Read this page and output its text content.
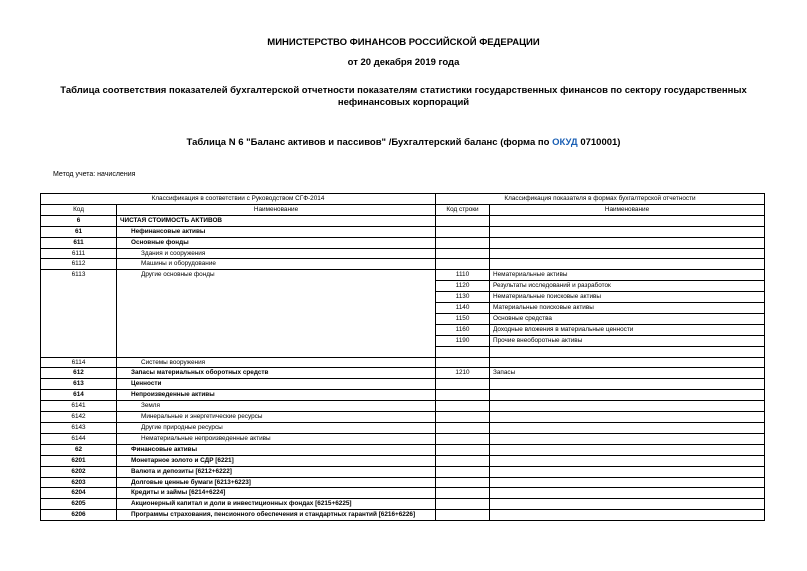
МИНИСТЕРСТВО ФИНАНСОВ РОССИЙСКОЙ ФЕДЕРАЦИИ
от 20 декабря 2019 года
Таблица соответствия показателей бухгалтерской отчетности показателям статистики государственных финансов по сектору государственных нефинансовых корпораций
Таблица N 6 "Баланс активов и пассивов" /Бухгалтерский баланс (форма по ОКУД 0710001)
Метод учета: начисления
Классификация в соответствии с Руководством СГФ-2014		Классификация показателя в формах бухгалтерской отчетности	
Код	Наименование	Код строки	Наименование
6	ЧИСТАЯ СТОИМОСТЬ АКТИВОВ		
61	Нефинансовые активы		
611	Основные фонды		
6111	Здания и сооружения		
6112	Машины и оборудование		
6113	Другие основные фонды	1110	Нематериальные активы
		1120	Результаты исследований и разработок
		1130	Нематериальные поисковые активы
		1140	Материальные поисковые активы
		1150	Основные средства
		1160	Доходные вложения в материальные ценности
		1190	Прочие внеоборотные активы

6114	Системы вооружения		
612	Запасы материальных оборотных средств	1210	Запасы
613	Ценности		
614	Непроизведенные активы		
6141	Земля		
6142	Минеральные и энергетические ресурсы		
6143	Другие природные ресурсы		
6144	Нематериальные непроизведенные активы		
62	Финансовые активы		
6201	Монетарное золото и СДР [6221]		
6202	Валюта и депозиты [6212+6222]		
6203	Долговые ценные бумаги [6213+6223]		
6204	Кредиты и займы [6214+6224]		
6205	Акционерный капитал и доли в инвестиционных фондах [6215+6225]		
6206	Программы страхования, пенсионного обеспечения и стандартных гарантий [6216+6226]		
